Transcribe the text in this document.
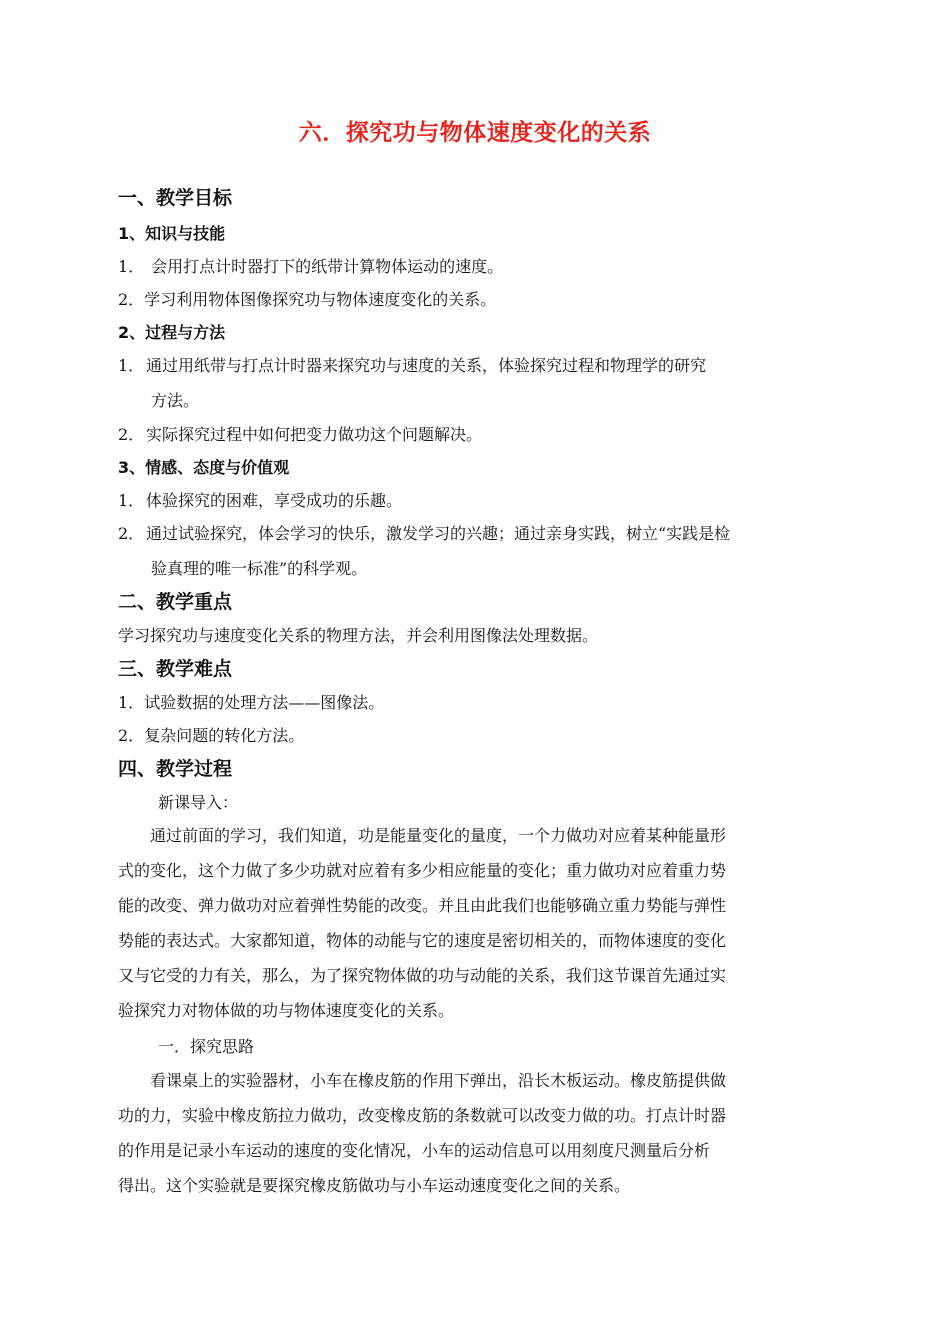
六．探究功与物体速度变化的关系
一、教学目标
1、知识与技能
1． 会用打点计时器打下的纸带计算物体运动的速度。
2．学习利用物体图像探究功与物体速度变化的关系。
2、过程与方法
1． 通过用纸带与打点计时器来探究功与速度的关系，体验探究过程和物理学的研究
方法。
2． 实际探究过程中如何把变力做功这个问题解决。
3、情感、态度与价值观
1． 体验探究的困难，享受成功的乐趣。
2． 通过试验探究，体会学习的快乐，激发学习的兴趣；通过亲身实践，树立“实践是检
验真理的唯一标准”的科学观。
二、教学重点
学习探究功与速度变化关系的物理方法，并会利用图像法处理数据。
三、教学难点
1．试验数据的处理方法——图像法。
2．复杂问题的转化方法。
四、教学过程
新课导入：
通过前面的学习，我们知道，功是能量变化的量度，一个力做功对应着某种能量形
式的变化，这个力做了多少功就对应着有多少相应能量的变化；重力做功对应着重力势
能的改变、弹力做功对应着弹性势能的改变。并且由此我们也能够确立重力势能与弹性
势能的表达式。大家都知道，物体的动能与它的速度是密切相关的，而物体速度的变化
又与它受的力有关，那么，为了探究物体做的功与动能的关系，我们这节课首先通过实
验探究力对物体做的功与物体速度变化的关系。
一．探究思路
看课桌上的实验器材，小车在橡皮筋的作用下弹出，沿长木板运动。橡皮筋提供做
功的力，实验中橡皮筋拉力做功，改变橡皮筋的条数就可以改变力做的功。打点计时器
的作用是记录小车运动的速度的变化情况，小车的运动信息可以用刻度尺测量后分析
得出。这个实验就是要探究橡皮筋做功与小车运动速度变化之间的关系。
